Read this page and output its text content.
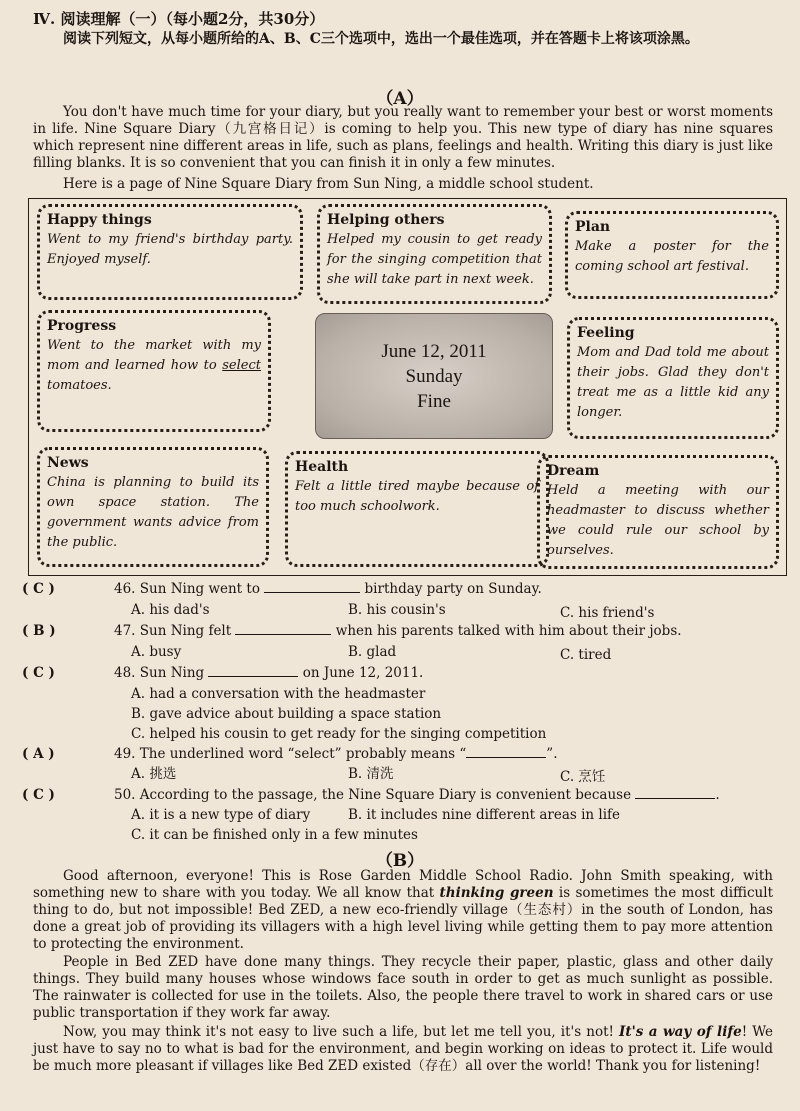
Ⅳ. 阅读理解（一）（每小题2分，共30分）
阅读下列短文，从每小题所给的A、B、C三个选项中，选出一个最佳选项，并在答题卡上将该项涂黑。
（A）
You don't have much time for your diary, but you really want to remember your best or worst moments in life. Nine Square Diary（九宫格日记）is coming to help you. This new type of diary has nine squares which represent nine different areas in life, such as plans, feelings and health. Writing this diary is just like filling blanks. It is so convenient that you can finish it in only a few minutes.
Here is a page of Nine Square Diary from Sun Ning, a middle school student.
Happy things

Went to my friend's birthday party. Enjoyed myself.

Helping others

Helped my cousin to get ready for the singing competition that she will take part in next week.

Plan

Make a poster for the coming school art festival.

Progress

Went to the market with my mom and learned how to select tomatoes.

June 12, 2011
Sunday
Fine
Feeling

Mom and Dad told me about their jobs. Glad they don't treat me as a little kid any longer.

News

China is planning to build its own space station. The government wants advice from the public.

Health

Felt a little tired maybe because of too much schoolwork.

Dream

Held a meeting with our headmaster to discuss whether we could rule our school by ourselves.

( C )	46. Sun Ning went to	birthday party on Sunday.
A. his dad's	B. his cousin's	C. his friend's
( B )	47. Sun Ning felt	when his parents talked with him about their jobs.
A. busy	B. glad	C. tired
( C )	48. Sun Ning	on June 12, 2011.
A. had a conversation with the headmaster
B. gave advice about building a space station
C. helped his cousin to get ready for the singing competition
( A )	49. The underlined word “select” probably means “	”.
A. 挑选	B. 清洗	C. 烹饪
( C )	50. According to the passage, the Nine Square Diary is convenient because	.
A. it is a new type of diary	B. it includes nine different areas in life
C. it can be finished only in a few minutes
（B）
Good afternoon, everyone! This is Rose Garden Middle School Radio. John Smith speaking, with something new to share with you today. We all know that thinking green is sometimes the most difficult thing to do, but not impossible! Bed ZED, a new eco-friendly village（生态村）in the south of London, has done a great job of providing its villagers with a high level living while getting them to pay more attention to protecting the environment.
People in Bed ZED have done many things. They recycle their paper, plastic, glass and other daily things. They build many houses whose windows face south in order to get as much sunlight as possible. The rainwater is collected for use in the toilets. Also, the people there travel to work in shared cars or use public transportation if they work far away.
Now, you may think it's not easy to live such a life, but let me tell you, it's not! It's a way of life! We just have to say no to what is bad for the environment, and begin working on ideas to protect it. Life would be much more pleasant if villages like Bed ZED existed（存在）all over the world! Thank you for listening!
